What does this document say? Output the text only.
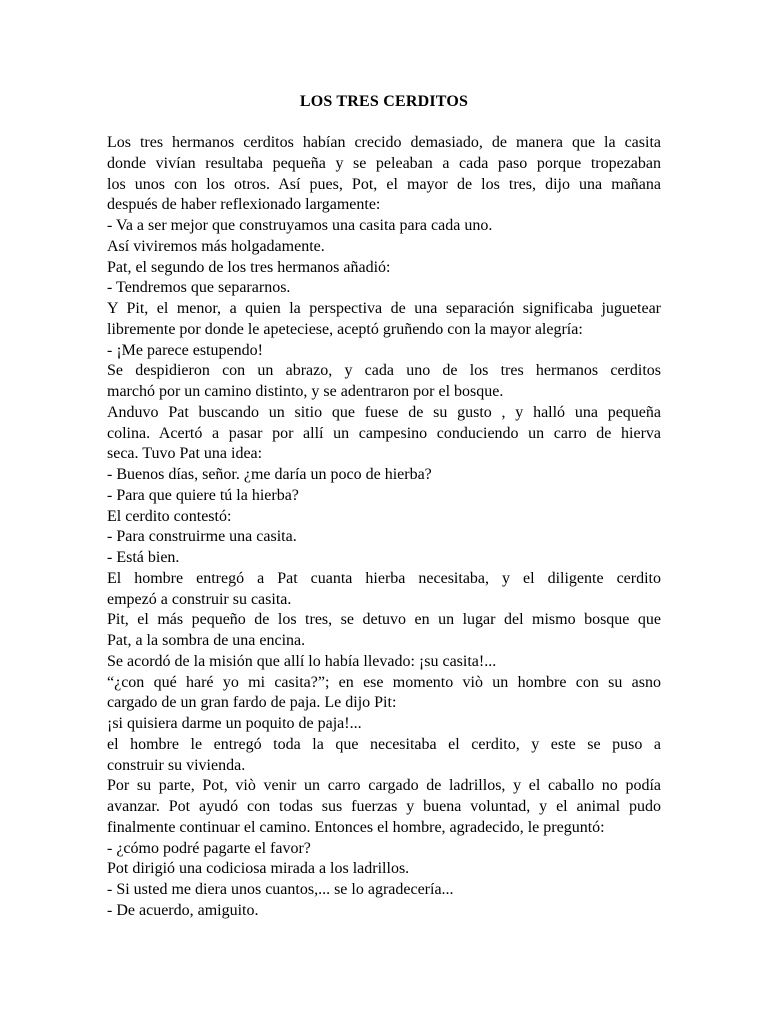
LOS TRES CERDITOS
Los tres hermanos cerditos habían crecido demasiado, de manera que la casita
donde vivían resultaba pequeña y se peleaban a cada paso porque tropezaban
los unos con los otros. Así pues, Pot, el mayor de los tres, dijo una mañana
después de haber reflexionado largamente:
- Va a ser mejor que construyamos una casita para cada uno.
Así viviremos más holgadamente.
Pat, el segundo de los tres hermanos añadió:
- Tendremos que separarnos.
Y Pit, el menor, a quien la perspectiva de una separación significaba juguetear
libremente por donde le apeteciese, aceptó gruñendo con la mayor alegría:
- ¡Me parece estupendo!
Se despidieron con un abrazo, y cada uno de los tres hermanos cerditos
marchó por un camino distinto, y se adentraron por el bosque.
Anduvo Pat buscando un sitio que fuese de su gusto , y halló una pequeña
colina. Acertó a pasar por allí un campesino conduciendo un carro de hierva
seca. Tuvo Pat una idea:
- Buenos días, señor. ¿me daría un poco de hierba?
- Para que quiere tú la hierba?
El cerdito contestó:
- Para construirme una casita.
- Está bien.
El hombre entregó a Pat cuanta hierba necesitaba, y el diligente cerdito
empezó a construir su casita.
Pit, el más pequeño de los tres, se detuvo en un lugar del mismo bosque que
Pat, a la sombra de una encina.
Se acordó de la misión que allí lo había llevado: ¡su casita!...
“¿con qué haré yo mi casita?”; en ese momento viò un hombre con su asno
cargado de un gran fardo de paja. Le dijo Pit:
¡si quisiera darme un poquito de paja!...
el hombre le entregó toda la que necesitaba el cerdito, y este se puso a
construir su vivienda.
Por su parte, Pot, viò venir un carro cargado de ladrillos, y el caballo no podía
avanzar. Pot ayudó con todas sus fuerzas y buena voluntad, y el animal pudo
finalmente continuar el camino. Entonces el hombre, agradecido, le preguntó:
- ¿cómo podré pagarte el favor?
Pot dirigió una codiciosa mirada a los ladrillos.
- Si usted me diera unos cuantos,... se lo agradecería...
- De acuerdo, amiguito.
